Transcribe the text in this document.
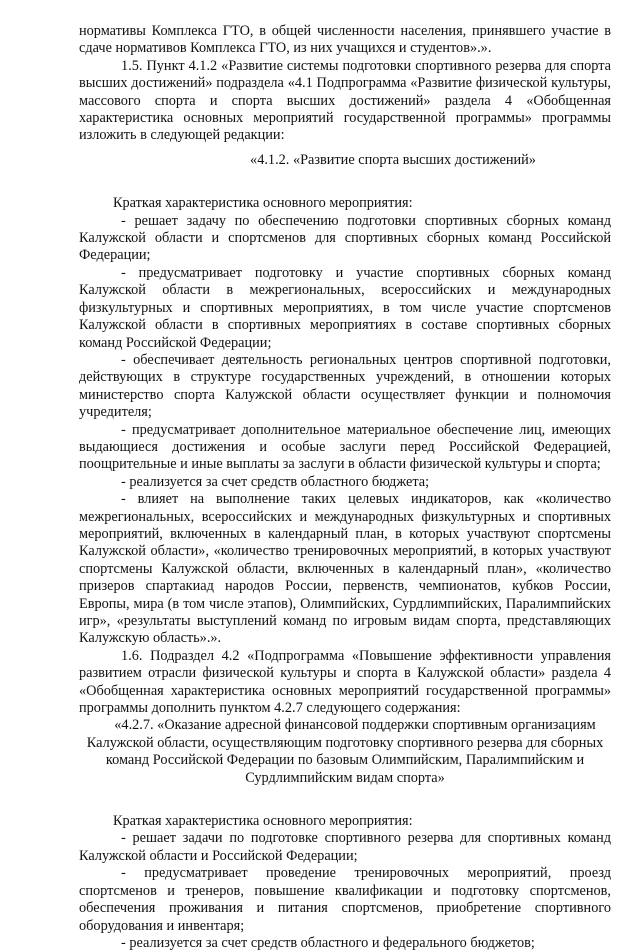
нормативы Комплекса ГТО, в общей численности населения, принявшего участие в сдаче нормативов Комплекса ГТО, из них учащихся и студентов».».

1.5. Пункт 4.1.2 «Развитие системы подготовки спортивного резерва для спорта высших достижений» подраздела «4.1 Подпрограмма «Развитие физической культуры, массового спорта и спорта высших достижений» раздела 4 «Обобщенная характеристика основных мероприятий государственной программы» программы изложить в следующей редакции:

«4.1.2. «Развитие спорта высших достижений»

Краткая характеристика основного мероприятия:

- решает задачу по обеспечению подготовки спортивных сборных команд Калужской области и спортсменов для спортивных сборных команд Российской Федерации;

- предусматривает подготовку и участие спортивных сборных команд Калужской области в межрегиональных, всероссийских и международных физкультурных и спортивных мероприятиях, в том числе участие спортсменов Калужской области в спортивных мероприятиях в составе спортивных сборных команд Российской Федерации;

- обеспечивает деятельность региональных центров спортивной подготовки, действующих в структуре государственных учреждений, в отношении которых министерство спорта Калужской области осуществляет функции и полномочия учредителя;

- предусматривает дополнительное материальное обеспечение лиц, имеющих выдающиеся достижения и особые заслуги перед Российской Федерацией, поощрительные и иные выплаты за заслуги в области физической культуры и спорта;

- реализуется за счет средств областного бюджета;

- влияет на выполнение таких целевых индикаторов, как «количество межрегиональных, всероссийских и международных физкультурных и спортивных мероприятий, включенных в календарный план, в которых участвуют спортсмены Калужской области», «количество тренировочных мероприятий, в которых участвуют спортсмены Калужской области, включенных в календарный план», «количество призеров спартакиад народов России, первенств, чемпионатов, кубков России, Европы, мира (в том числе этапов), Олимпийских, Сурдлимпийских, Паралимпийских игр», «результаты выступлений команд по игровым видам спорта, представляющих Калужскую область».».

1.6. Подраздел 4.2 «Подпрограмма «Повышение эффективности управления развитием отрасли физической культуры и спорта в Калужской области» раздела 4 «Обобщенная характеристика основных мероприятий государственной программы» программы дополнить пунктом 4.2.7 следующего содержания:

«4.2.7. «Оказание адресной финансовой поддержки спортивным организациям

Калужской области, осуществляющим подготовку спортивного резерва для сборных

команд Российской Федерации по базовым Олимпийским, Паралимпийским и

Сурдлимпийским видам спорта»

Краткая характеристика основного мероприятия:

- решает задачи по подготовке спортивного резерва для спортивных команд Калужской области и Российской Федерации;

- предусматривает проведение тренировочных мероприятий, проезд спортсменов и тренеров, повышение квалификации и подготовку спортсменов, обеспечения проживания и питания спортсменов, приобретение спортивного оборудования и инвентаря;

- реализуется за счет средств областного и федерального бюджетов;
